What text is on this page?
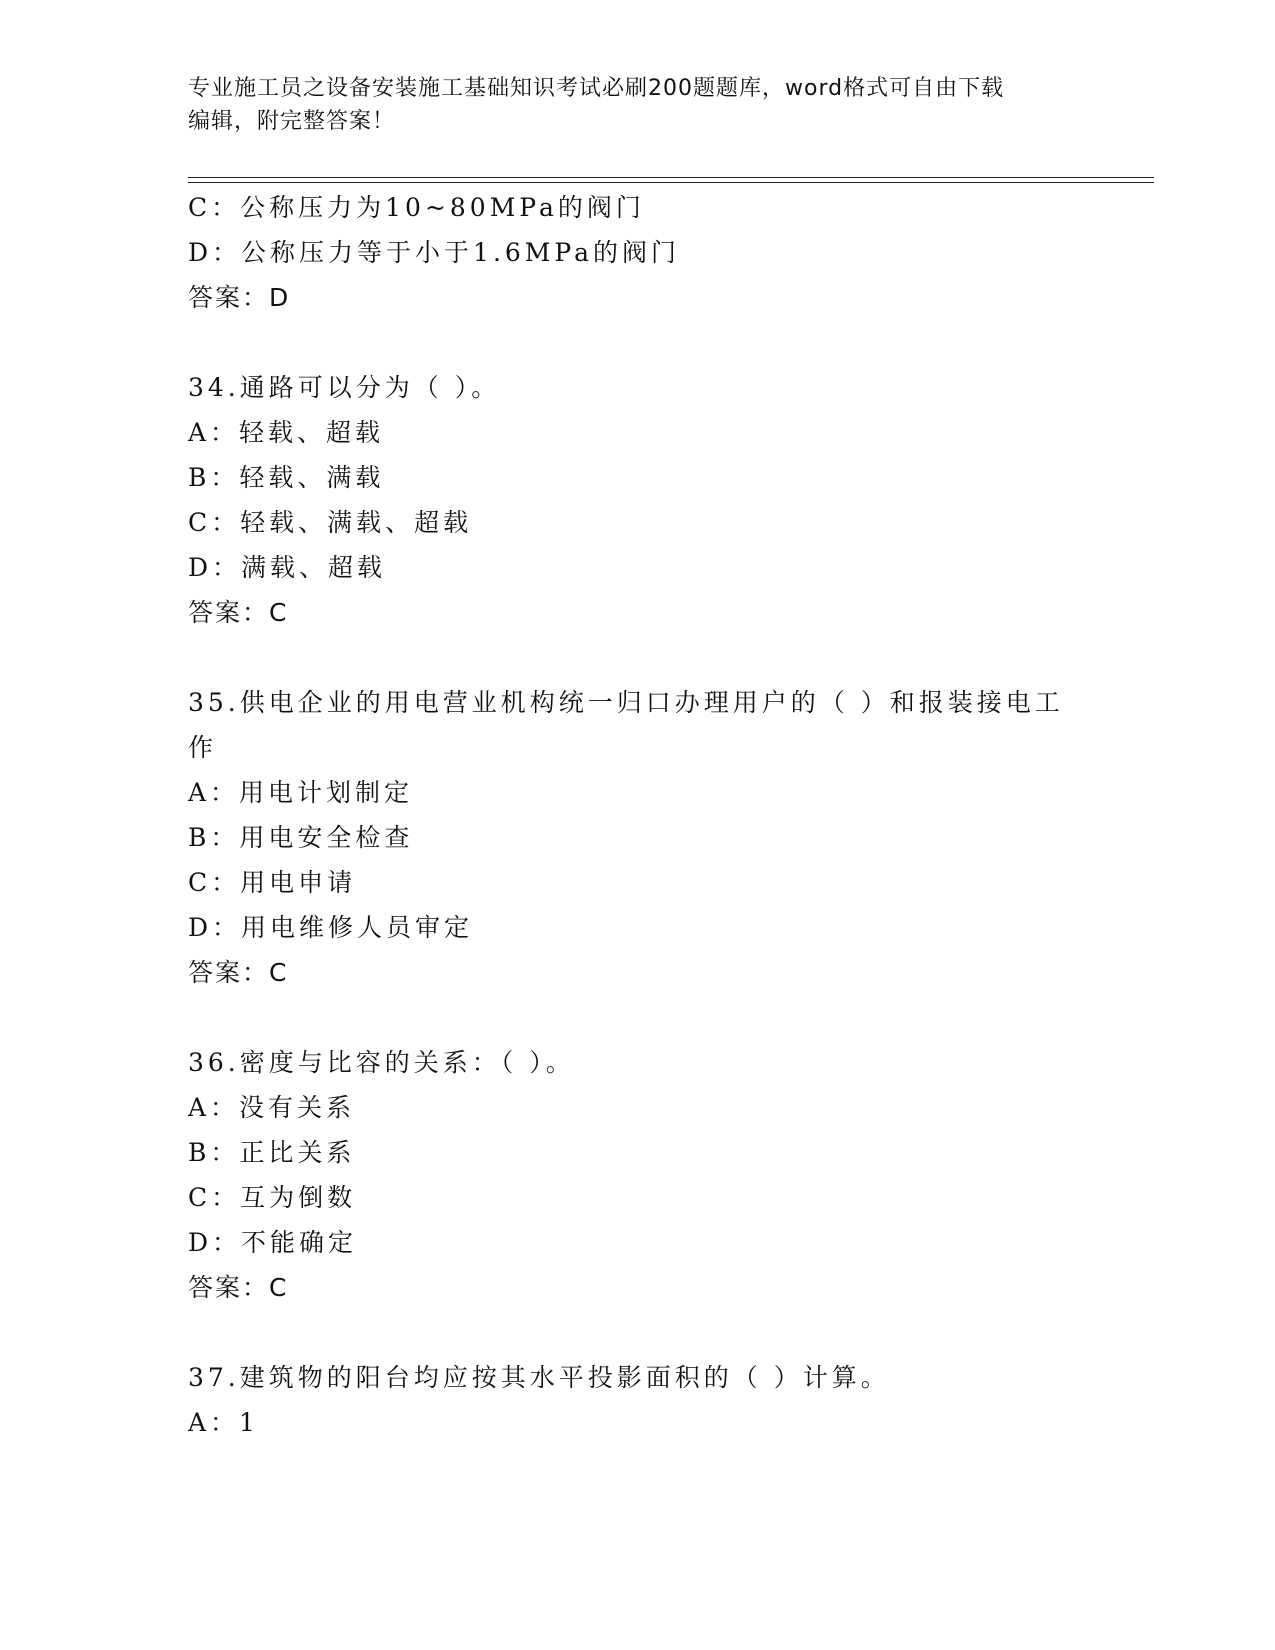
专业施工员之设备安装施工基础知识考试必刷200题题库，word格式可自由下载
编辑，附完整答案！
C：公称压力为10~80MPa的阀门
D：公称压力等于小于1.6MPa的阀门
答案：D
34.通路可以分为（ ）。
A：轻载、超载
B：轻载、满载
C：轻载、满载、超载
D：满载、超载
答案：C
35.供电企业的用电营业机构统一归口办理用户的（ ）和报装接电工
作
A：用电计划制定
B：用电安全检查
C：用电申请
D：用电维修人员审定
答案：C
36.密度与比容的关系：（ ）。
A：没有关系
B：正比关系
C：互为倒数
D：不能确定
答案：C
37.建筑物的阳台均应按其水平投影面积的（ ）计算。
A：1
